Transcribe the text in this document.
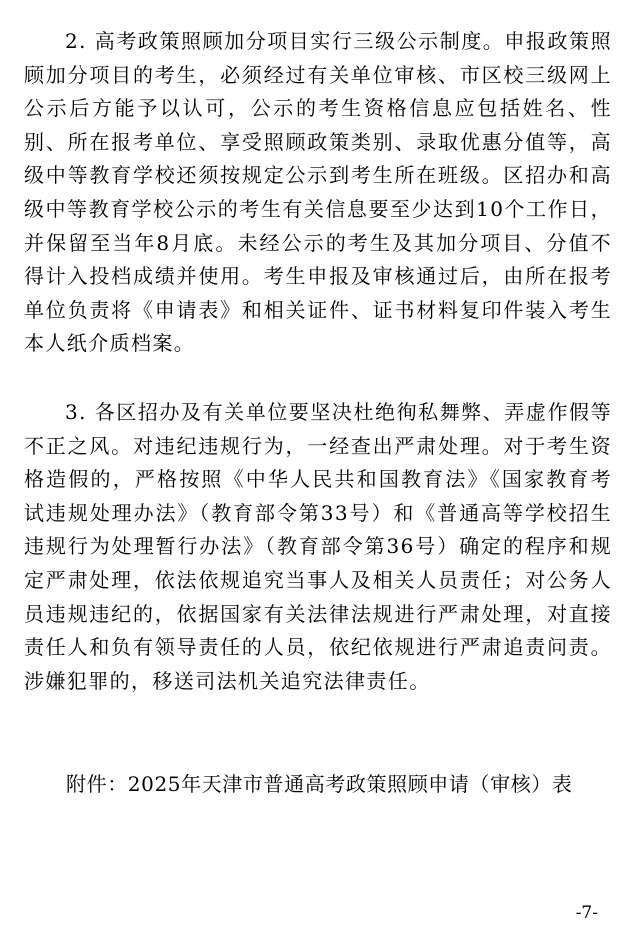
2. 高考政策照顾加分项目实行三级公示制度。申报政策照顾加分项目的考生，必须经过有关单位审核、市区校三级网上公示后方能予以认可，公示的考生资格信息应包括姓名、性别、所在报考单位、享受照顾政策类别、录取优惠分值等，高级中等教育学校还须按规定公示到考生所在班级。区招办和高级中等教育学校公示的考生有关信息要至少达到10个工作日，并保留至当年8月底。未经公示的考生及其加分项目、分值不得计入投档成绩并使用。考生申报及审核通过后，由所在报考单位负责将《申请表》和相关证件、证书材料复印件装入考生本人纸介质档案。

3. 各区招办及有关单位要坚决杜绝徇私舞弊、弄虚作假等不正之风。对违纪违规行为，一经查出严肃处理。对于考生资格造假的，严格按照《中华人民共和国教育法》《国家教育考试违规处理办法》（教育部令第33号）和《普通高等学校招生违规行为处理暂行办法》（教育部令第36号）确定的程序和规定严肃处理，依法依规追究当事人及相关人员责任；对公务人员违规违纪的，依据国家有关法律法规进行严肃处理，对直接责任人和负有领导责任的人员，依纪依规进行严肃追责问责。涉嫌犯罪的，移送司法机关追究法律责任。

附件：2025年天津市普通高考政策照顾申请（审核）表

-7-
